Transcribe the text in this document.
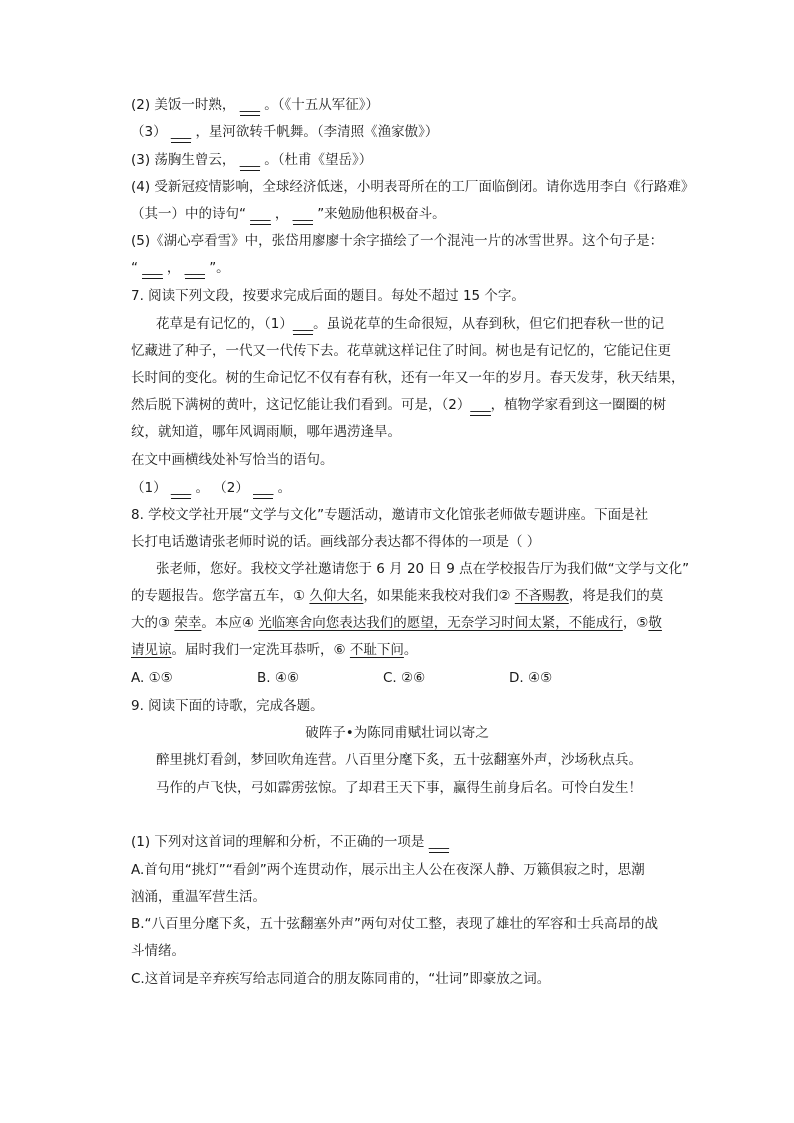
(2) 美饭一时熟， ___ 。（《十五从军征》）
（3） ___ ，星河欲转千帆舞。（李清照《渔家傲》）
(3) 荡胸生曾云， ___ 。（杜甫《望岳》）
(4) 受新冠疫情影响，全球经济低迷，小明表哥所在的工厂面临倒闭。请你选用李白《行路难》
（其一）中的诗句“ ___ ， ___ ”来勉励他积极奋斗。
(5)《湖心亭看雪》中，张岱用廖廖十余字描绘了一个混沌一片的冰雪世界。这个句子是：
“ ___ ， ___ ”。
7. 阅读下列文段，按要求完成后面的题目。每处不超过 15 个字。
花草是有记忆的，（1）___。虽说花草的生命很短，从春到秋，但它们把春秋一世的记
忆藏进了种子，一代又一代传下去。花草就这样记住了时间。树也是有记忆的，它能记住更
长时间的变化。树的生命记忆不仅有春有秋，还有一年又一年的岁月。春天发芽，秋天结果，
然后脱下满树的黄叶，这记忆能让我们看到。可是，（2）___，植物学家看到这一圈圈的树
纹，就知道，哪年风调雨顺，哪年遇涝逢旱。
在文中画横线处补写恰当的语句。
（1） ___ 。 （2） ___ 。
8. 学校文学社开展“文学与文化”专题活动，邀请市文化馆张老师做专题讲座。下面是社
长打电话邀请张老师时说的话。画线部分表达都不得体的一项是（ ）
张老师，您好。我校文学社邀请您于 6 月 20 日 9 点在学校报告厅为我们做“文学与文化”
的专题报告。您学富五车，① 久仰大名，如果能来我校对我们② 不吝赐教，将是我们的莫
大的③ 荣幸。本应④ 光临寒舍向您表达我们的愿望，无奈学习时间太紧，不能成行，⑤敬
请见谅。届时我们一定洗耳恭听，⑥ 不耻下问。
A. ①⑤	B. ④⑥	C. ②⑥	D. ④⑤
9. 阅读下面的诗歌，完成各题。
破阵子•为陈同甫赋壮词以寄之
醉里挑灯看剑，梦回吹角连营。八百里分麾下炙，五十弦翻塞外声，沙场秋点兵。
马作的卢飞快，弓如霹雳弦惊。了却君王天下事，赢得生前身后名。可怜白发生！
(1) 下列对这首词的理解和分析，不正确的一项是 ___
A.首句用“挑灯”“看剑”两个连贯动作，展示出主人公在夜深人静、万籁俱寂之时，思潮
汹涌，重温军营生活。
B.“八百里分麾下炙，五十弦翻塞外声”两句对仗工整，表现了雄壮的军容和士兵高昂的战
斗情绪。
C.这首词是辛弃疾写给志同道合的朋友陈同甫的，“壮词”即豪放之词。
